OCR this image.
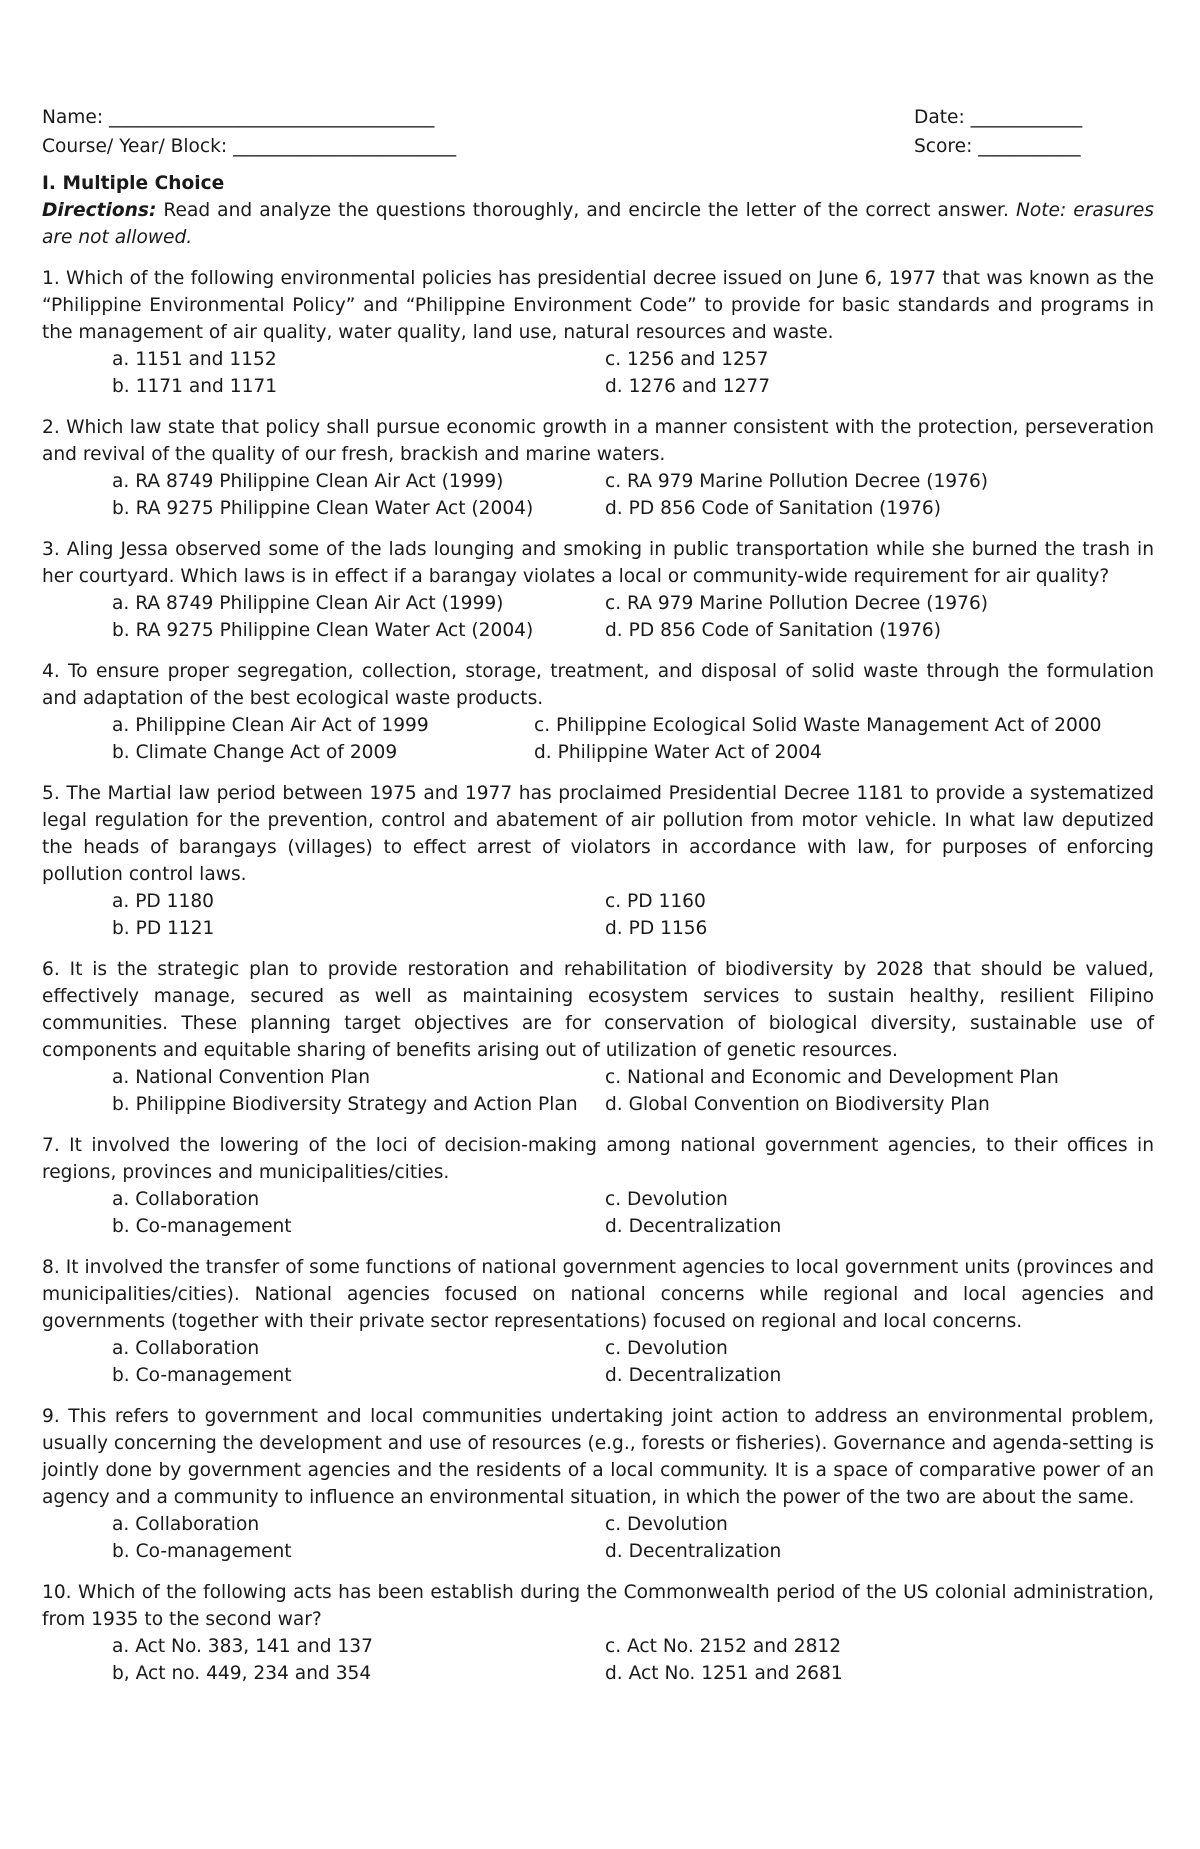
Name: ___________________________________	Date: ____________
Course/ Year/ Block: ________________________	Score: ___________
I. Multiple Choice
Directions: Read and analyze the questions thoroughly, and encircle the letter of the correct answer. Note: erasures are not allowed.
1. Which of the following environmental policies has presidential decree issued on June 6, 1977 that was known as the “Philippine Environmental Policy” and “Philippine Environment Code” to provide for basic standards and programs in the management of air quality, water quality, land use, natural resources and waste.
a. 1151 and 1152	c. 1256 and 1257
b. 1171 and 1171	d. 1276 and 1277
2. Which law state that policy shall pursue economic growth in a manner consistent with the protection, perseveration and revival of the quality of our fresh, brackish and marine waters.
a. RA 8749 Philippine Clean Air Act (1999)	c. RA 979 Marine Pollution Decree (1976)
b. RA 9275 Philippine Clean Water Act (2004)	d. PD 856 Code of Sanitation (1976)
3. Aling Jessa observed some of the lads lounging and smoking in public transportation while she burned the trash in her courtyard. Which laws is in effect if a barangay violates a local or community-wide requirement for air quality?
a. RA 8749 Philippine Clean Air Act (1999)	c. RA 979 Marine Pollution Decree (1976)
b. RA 9275 Philippine Clean Water Act (2004)	d. PD 856 Code of Sanitation (1976)
4. To ensure proper segregation, collection, storage, treatment, and disposal of solid waste through the formulation and adaptation of the best ecological waste products.
a. Philippine Clean Air Act of 1999	c. Philippine Ecological Solid Waste Management Act of 2000
b. Climate Change Act of 2009	d. Philippine Water Act of 2004
5. The Martial law period between 1975 and 1977 has proclaimed Presidential Decree 1181 to provide a systematized legal regulation for the prevention, control and abatement of air pollution from motor vehicle. In what law deputized the heads of barangays (villages) to effect arrest of violators in accordance with law, for purposes of enforcing pollution control laws.
a. PD 1180	c. PD 1160
b. PD 1121	d. PD 1156
6. It is the strategic plan to provide restoration and rehabilitation of biodiversity by 2028 that should be valued, effectively manage, secured as well as maintaining ecosystem services to sustain healthy, resilient Filipino communities. These planning target objectives are for conservation of biological diversity, sustainable use of components and equitable sharing of benefits arising out of utilization of genetic resources.
a. National Convention Plan	c. National and Economic and Development Plan
b. Philippine Biodiversity Strategy and Action Plan	d. Global Convention on Biodiversity Plan
7. It involved the lowering of the loci of decision-making among national government agencies, to their offices in regions, provinces and municipalities/cities.
a. Collaboration	c. Devolution
b. Co-management	d. Decentralization
8. It involved the transfer of some functions of national government agencies to local government units (provinces and municipalities/cities). National agencies focused on national concerns while regional and local agencies and governments (together with their private sector representations) focused on regional and local concerns.
a. Collaboration	c. Devolution
b. Co-management	d. Decentralization
9. This refers to government and local communities undertaking joint action to address an environmental problem, usually concerning the development and use of resources (e.g., forests or fisheries). Governance and agenda-setting is jointly done by government agencies and the residents of a local community. It is a space of comparative power of an agency and a community to influence an environmental situation, in which the power of the two are about the same.
a. Collaboration	c. Devolution
b. Co-management	d. Decentralization
10. Which of the following acts has been establish during the Commonwealth period of the US colonial administration, from 1935 to the second war?
a. Act No. 383, 141 and 137	c. Act No. 2152 and 2812
b, Act no. 449, 234 and 354	d. Act No. 1251 and 2681
